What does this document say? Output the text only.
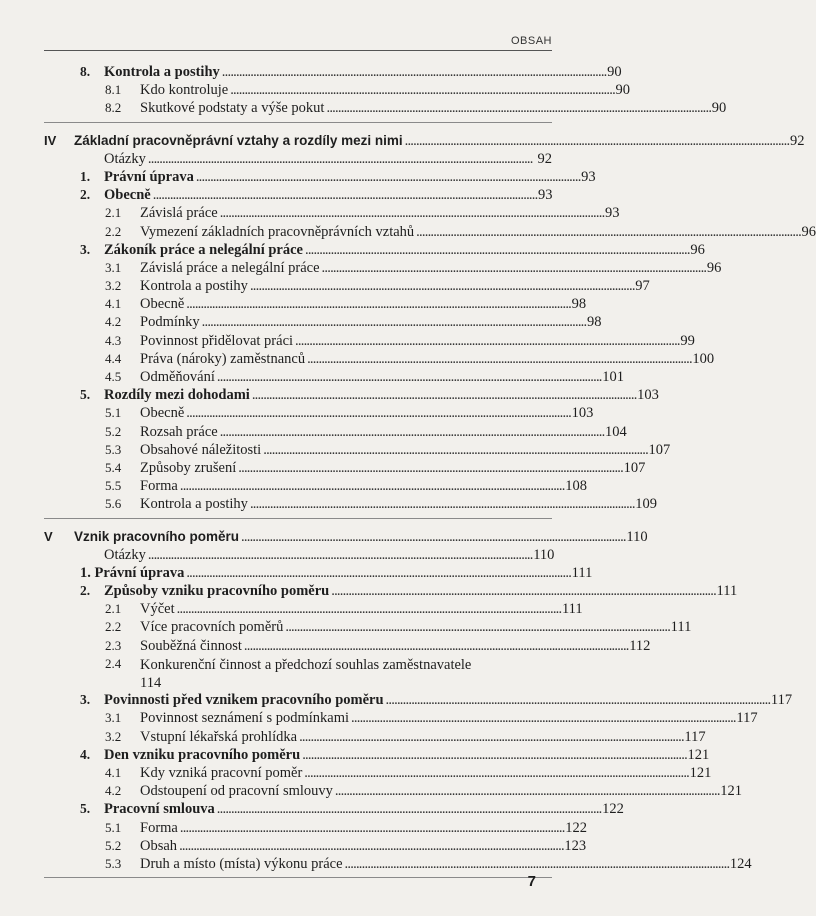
OBSAH
8. Kontrola a postihy . . .	90
8.1 Kdo kontroluje . . .	90
8.2 Skutkové podstaty a výše pokut . . .	90
IV Základní pracovněprávní vztahy a rozdíly mezi nimi . . .	92
Otázky . . .	92
1. Právní úprava . . .	93
2. Obecně . . .	93
2.1 Závislá práce . . .	93
2.2 Vymezení základních pracovněprávních vztahů . . .	96
3. Zákoník práce a nelegální práce . . .	96
3.1 Závislá práce a nelegální práce . . .	96
3.2 Kontrola a postihy . . .	97
4.1 Obecně . . .	98
4.2 Podmínky . . .	98
4.3 Povinnost přidělovat práci . . .	99
4.4 Práva (nároky) zaměstnanců . . .	100
4.5 Odměňování . . .	101
5. Rozdíly mezi dohodami . . .	103
5.1 Obecně . . .	103
5.2 Rozsah práce . . .	104
5.3 Obsahové náležitosti . . .	107
5.4 Způsoby zrušení . . .	107
5.5 Forma . . .	108
5.6 Kontrola a postihy . . .	109
V Vznik pracovního poměru . . .	110
Otázky . . .	110
1. Právní úprava . . .	111
2. Způsoby vzniku pracovního poměru . . .	111
2.1 Výčet . . .	111
2.2 Více pracovních poměrů . . .	111
2.3 Souběžná činnost . . .	112
2.4 Konkurenční činnost a předchozí souhlas zaměstnavatele
114
3. Povinnosti před vznikem pracovního poměru . . .	117
3.1 Povinnost seznámení s podmínkami . . .	117
3.2 Vstupní lékařská prohlídka . . .	117
4. Den vzniku pracovního poměru . . .	121
4.1 Kdy vzniká pracovní poměr . . .	121
4.2 Odstoupení od pracovní smlouvy . . .	121
5. Pracovní smlouva . . .	122
5.1 Forma . . .	122
5.2 Obsah . . .	123
5.3 Druh a místo (místa) výkonu práce . . .	124
7
